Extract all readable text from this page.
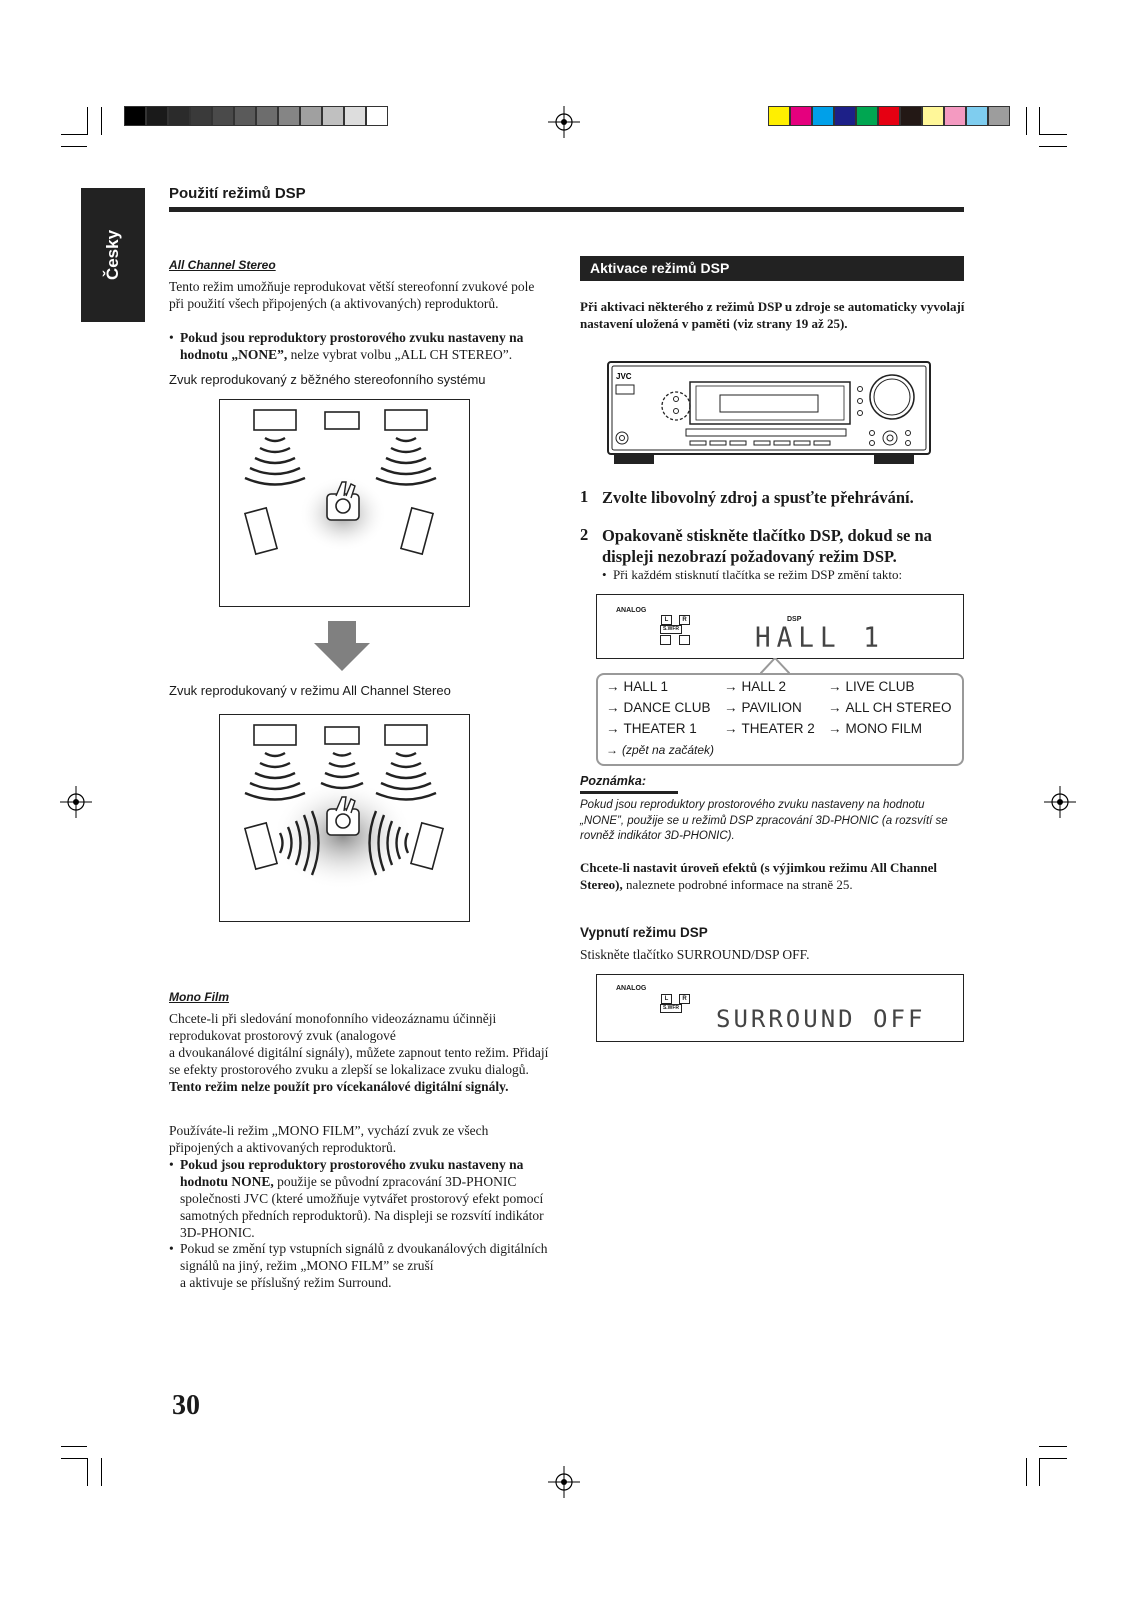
Česky
Použití režimů DSP
All Channel Stereo
Tento režim umožňuje reprodukovat větší stereofonní zvukové pole při použití všech připojených (a aktivovaných) reproduktorů.
• Pokud jsou reproduktory prostorového zvuku nastaveny na hodnotu „NONE”, nelze vybrat volbu „ALL CH STEREO”.
Zvuk reprodukovaný z běžného stereofonního systému
Zvuk reprodukovaný v režimu All Channel Stereo
Mono Film
Chcete-li při sledování monofonního videozáznamu účinněji reprodukovat prostorový zvuk (analogové
a dvoukanálové digitální signály), můžete zapnout tento režim. Přidají se efekty prostorového zvuku a zlepší se lokalizace zvuku dialogů. Tento režim nelze použít pro vícekanálové digitální signály.
Používáte-li režim „MONO FILM”, vychází zvuk ze všech připojených a aktivovaných reproduktorů.
• Pokud jsou reproduktory prostorového zvuku nastaveny na hodnotu NONE, použije se původní zpracování 3D-PHONIC společnosti JVC (které umožňuje vytvářet prostorový efekt pomocí samotných předních reproduktorů). Na displeji se rozsvítí indikátor 3D-PHONIC.
• Pokud se změní typ vstupních signálů z dvoukanálových digitálních signálů na jiný, režim „MONO FILM” se zruší
a aktivuje se příslušný režim Surround.
Aktivace režimů DSP
Při aktivaci některého z režimů DSP u zdroje se automaticky vyvolají nastavení uložená v paměti (viz strany 19 až 25).
JVC
1 Zvolte libovolný zdroj a spusťte přehrávání.
2 Opakovaně stiskněte tlačítko DSP, dokud se na displeji nezobrazí požadovaný režim DSP.
• Při každém stisknutí tlačítka se režim DSP změní takto:
ANALOG
L	R
S.WFR
DSP
HALL 1
→ HALL 1	→ HALL 2	→ LIVE CLUB
→ DANCE CLUB → PAVILION → ALL CH STEREO
→ THEATER 1 → THEATER 2 → MONO FILM
→ (zpět na začátek)
Poznámka:
Pokud jsou reproduktory prostorového zvuku nastaveny na hodnotu „NONE”, použije se u režimů DSP zpracování 3D-PHONIC (a rozsvítí se rovněž indikátor 3D-PHONIC).
Chcete-li nastavit úroveň efektů (s výjimkou režimu All Channel Stereo), naleznete podrobné informace na straně 25.
Vypnutí režimu DSP
Stiskněte tlačítko SURROUND/DSP OFF.
ANALOG
L	R
S.WFR SURROUND OFF
30
